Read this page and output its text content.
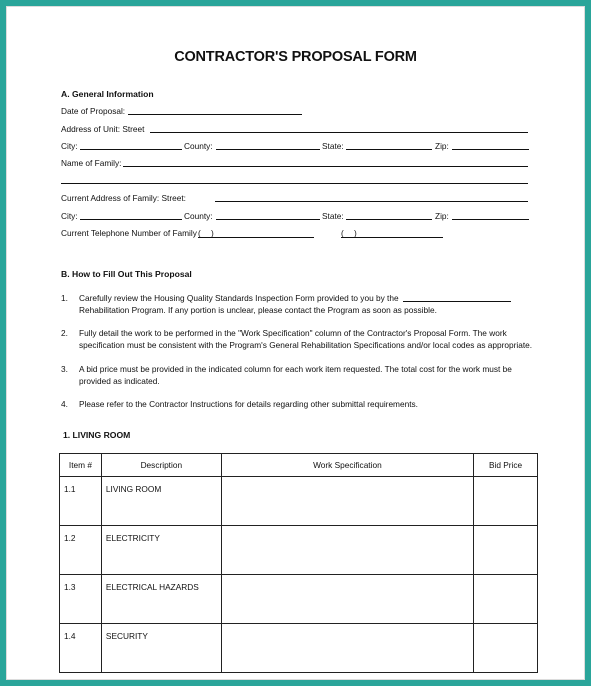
CONTRACTOR'S PROPOSAL FORM
A. General Information
Date of Proposal:
Address of Unit: Street
City:	County:	State:	Zip:
Name of Family:
Current Address of Family: Street:
City:	County:	State:	Zip:
Current Telephone Number of Family ( )	( )
B. How to Fill Out This Proposal
1. Carefully review the Housing Quality Standards Inspection Form provided to you by the
Rehabilitation Program. If any portion is unclear, please contact the Program as soon as possible.
2. Fully detail the work to be performed in the "Work Specification" column of the Contractor's Proposal Form. The work
specification must be consistent with the Program's General Rehabilitation Specifications and/or local codes as appropriate.
3. A bid price must be provided in the indicated column for each work item requested. The total cost for the work must be
provided as indicated.
4. Please refer to the Contractor Instructions for details regarding other submittal requirements.
1. LIVING ROOM
Item #	Description	Work Specification	Bid Price
1.1	LIVING ROOM		
1.2	ELECTRICITY		
1.3	ELECTRICAL HAZARDS		
1.4	SECURITY		
